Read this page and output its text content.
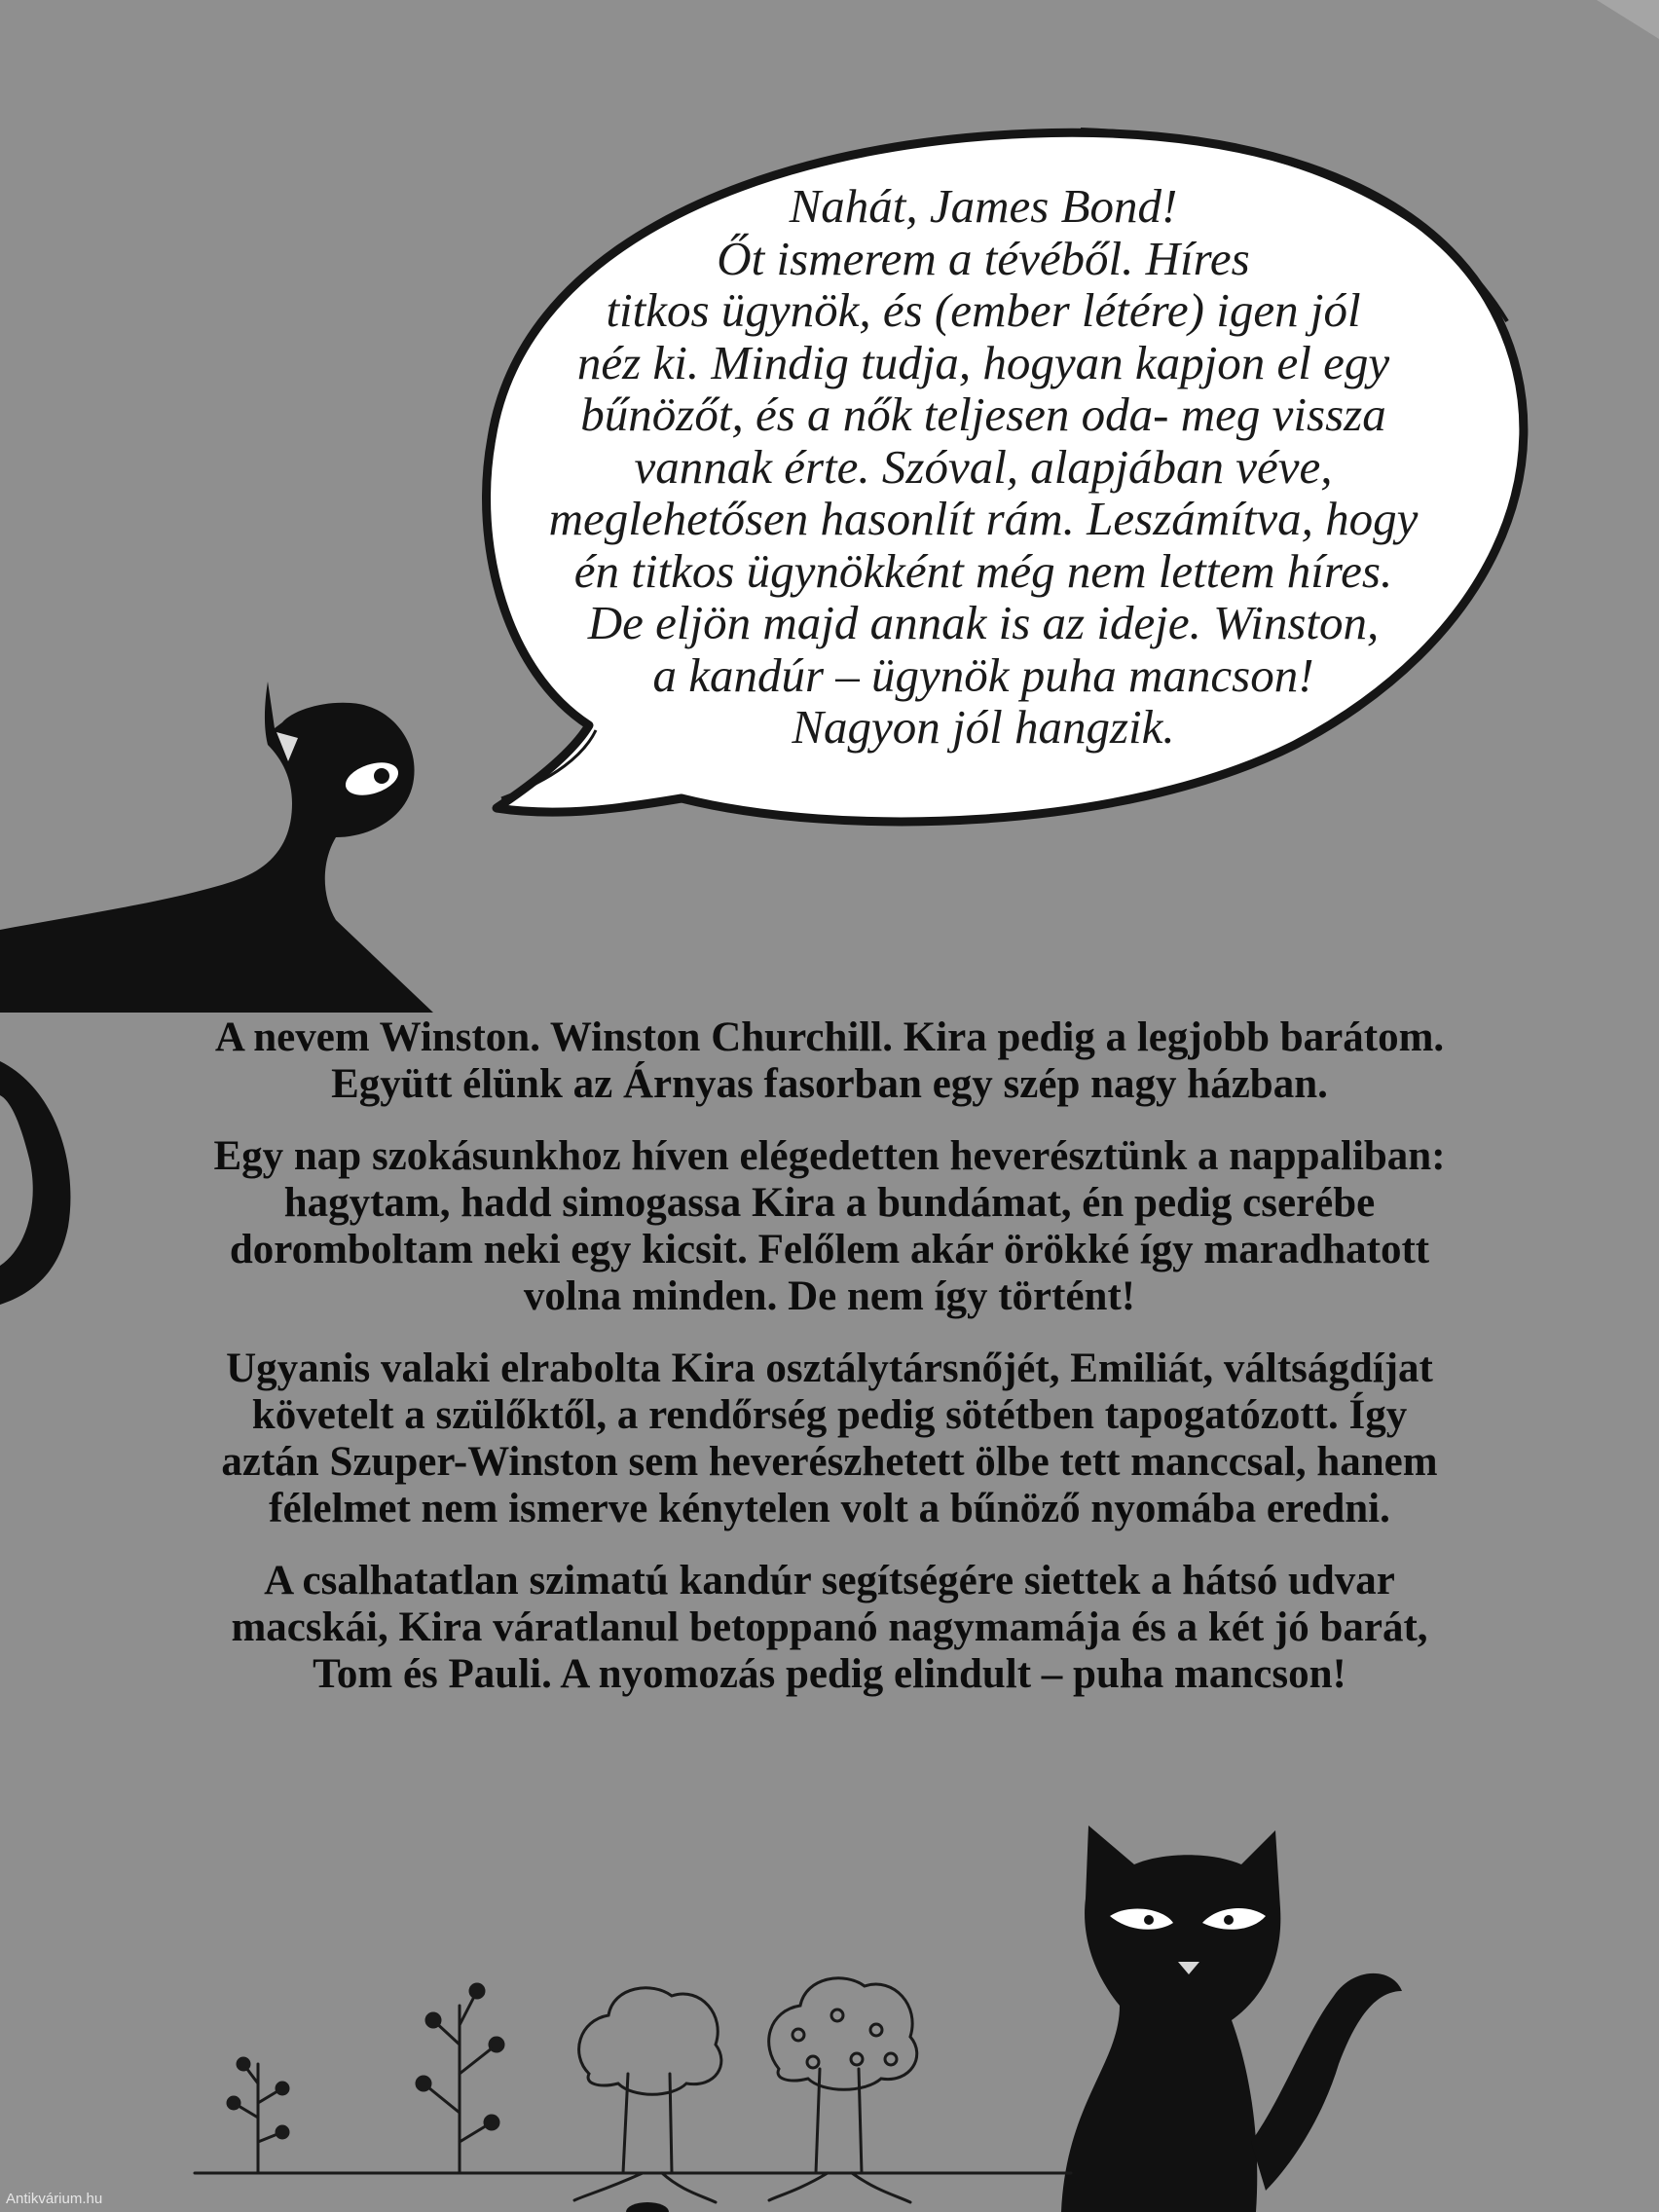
Nahát, James Bond!
Őt ismerem a tévéből. Híres
titkos ügynök, és (ember létére) igen jól
néz ki. Mindig tudja, hogyan kapjon el egy
bűnözőt, és a nők teljesen oda- meg vissza
vannak érte. Szóval, alapjában véve,
meglehetősen hasonlít rám. Leszámítva, hogy
én titkos ügynökként még nem lettem híres.
De eljön majd annak is az ideje. Winston,
a kandúr – ügynök puha mancson!
Nagyon jól hangzik.

A nevem Winston. Winston Churchill. Kira pedig a legjobb barátom.
Együtt élünk az Árnyas fasorban egy szép nagy házban.

Egy nap szokásunkhoz híven elégedetten heverésztünk a nappaliban:
hagytam, hadd simogassa Kira a bundámat, én pedig cserébe
doromboltam neki egy kicsit. Felőlem akár örökké így maradhatott
volna minden. De nem így történt!

Ugyanis valaki elrabolta Kira osztálytársnőjét, Emiliát, váltságdíjat
követelt a szülőktől, a rendőrség pedig sötétben tapogatózott. Így
aztán Szuper-Winston sem heverészhetett ölbe tett manccsal, hanem
félelmet nem ismerve kénytelen volt a bűnöző nyomába eredni.

A csalhatatlan szimatú kandúr segítségére siettek a hátsó udvar
macskái, Kira váratlanul betoppanó nagymamája és a két jó barát,
Tom és Pauli. A nyomozás pedig elindult – puha mancson!

Antikvárium.hu
